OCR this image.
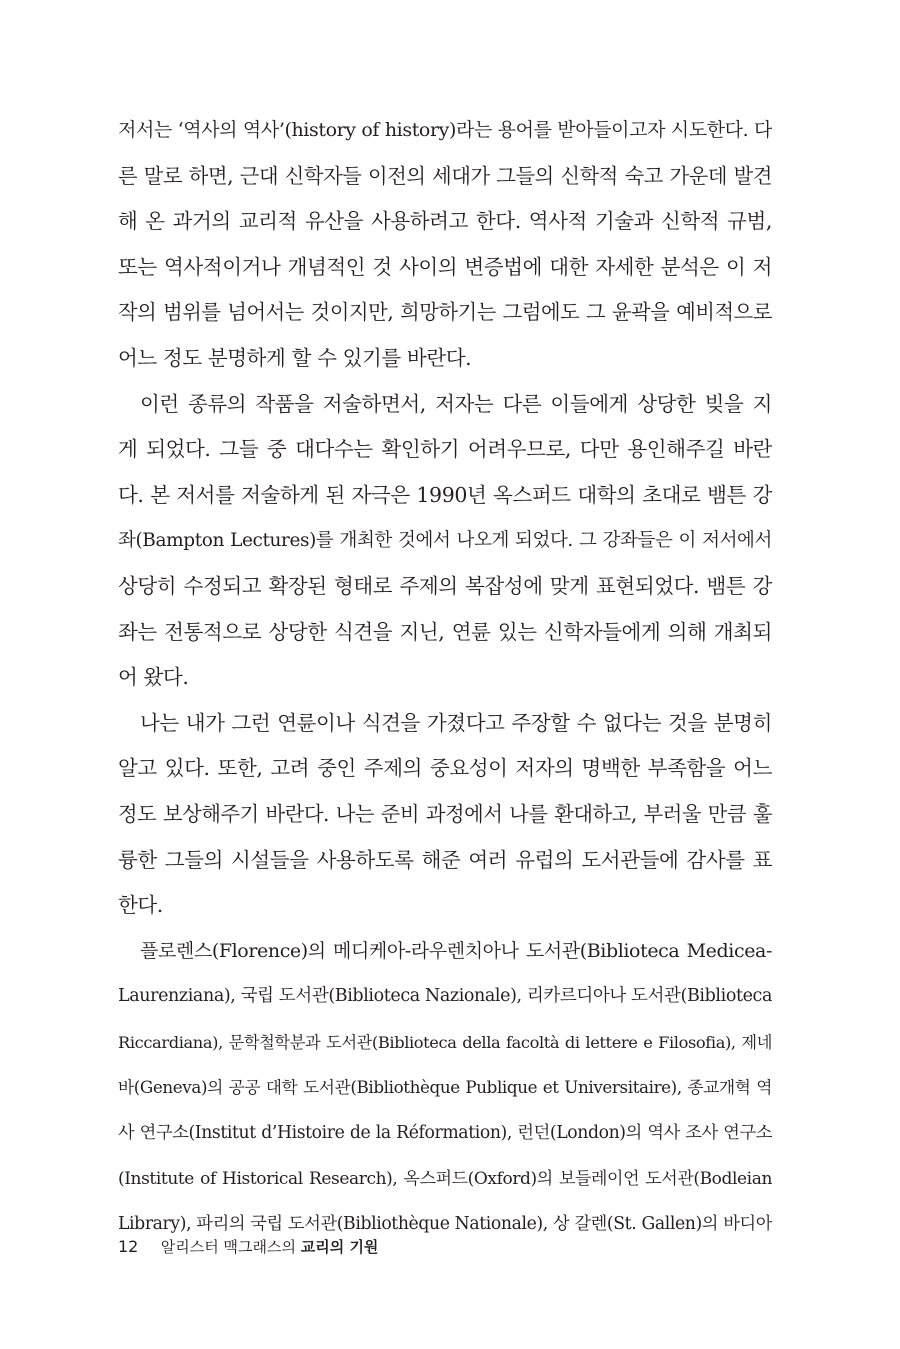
저서는 ‘역사의 역사’(history of history)라는 용어를 받아들이고자 시도한다. 다
른 말로 하면, 근대 신학자들 이전의 세대가 그들의 신학적 숙고 가운데 발견
해 온 과거의 교리적 유산을 사용하려고 한다. 역사적 기술과 신학적 규범,
또는 역사적이거나 개념적인 것 사이의 변증법에 대한 자세한 분석은 이 저
작의 범위를 넘어서는 것이지만, 희망하기는 그럼에도 그 윤곽을 예비적으로
어느 정도 분명하게 할 수 있기를 바란다.
이런 종류의 작품을 저술하면서, 저자는 다른 이들에게 상당한 빚을 지
게 되었다. 그들 중 대다수는 확인하기 어려우므로, 다만 용인해주길 바란
다. 본 저서를 저술하게 된 자극은 1990년 옥스퍼드 대학의 초대로 뱀튼 강
좌(Bampton Lectures)를 개최한 것에서 나오게 되었다. 그 강좌들은 이 저서에서
상당히 수정되고 확장된 형태로 주제의 복잡성에 맞게 표현되었다. 뱀튼 강
좌는 전통적으로 상당한 식견을 지닌, 연륜 있는 신학자들에게 의해 개최되
어 왔다.
나는 내가 그런 연륜이나 식견을 가졌다고 주장할 수 없다는 것을 분명히
알고 있다. 또한, 고려 중인 주제의 중요성이 저자의 명백한 부족함을 어느
정도 보상해주기 바란다. 나는 준비 과정에서 나를 환대하고, 부러울 만큼 훌
륭한 그들의 시설들을 사용하도록 해준 여러 유럽의 도서관들에 감사를 표
한다.
플로렌스(Florence)의 메디케아-라우렌치아나 도서관(Biblioteca Medicea-
Laurenziana), 국립 도서관(Biblioteca Nazionale), 리카르디아나 도서관(Biblioteca
Riccardiana), 문학철학분과 도서관(Biblioteca della facoltà di lettere e Filosofia), 제네
바(Geneva)의 공공 대학 도서관(Bibliothèque Publique et Universitaire), 종교개혁 역
사 연구소(Institut d’Histoire de la Réformation), 런던(London)의 역사 조사 연구소
(Institute of Historical Research), 옥스퍼드(Oxford)의 보들레이언 도서관(Bodleian
Library), 파리의 국립 도서관(Bibliothèque Nationale), 상 갈렌(St. Gallen)의 바디아
12 알리스터 맥그래스의 교리의 기원
